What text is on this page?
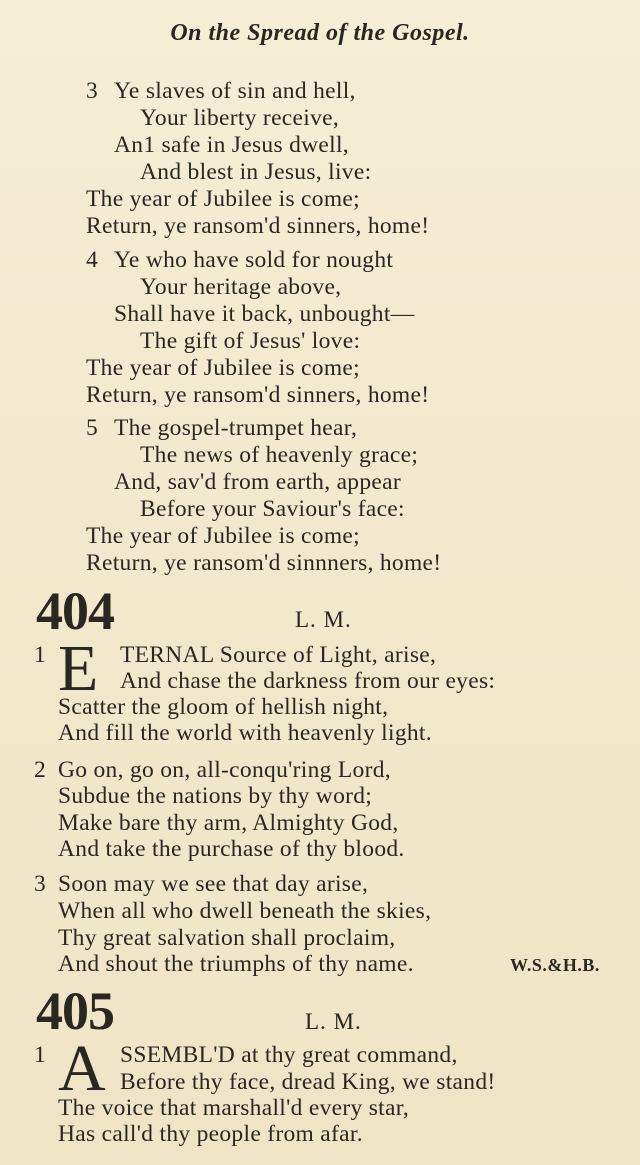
On the Spread of the Gospel.
3 Ye slaves of sin and hell,
Your liberty receive,
An1 safe in Jesus dwell,
And blest in Jesus, live:
The year of Jubilee is come;
Return, ye ransom'd sinners, home!
4 Ye who have sold for nought
Your heritage above,
Shall have it back, unbought—
The gift of Jesus' love:
The year of Jubilee is come;
Return, ye ransom'd sinners, home!
5 The gospel-trumpet hear,
The news of heavenly grace;
And, sav'd from earth, appear
Before your Saviour's face:
The year of Jubilee is come;
Return, ye ransom'd sinnners, home!
404	L. M.
1 E TERNAL Source of Light, arise,
And chase the darkness from our eyes:
Scatter the gloom of hellish night,
And fill the world with heavenly light.
2 Go on, go on, all-conqu'ring Lord,
Subdue the nations by thy word;
Make bare thy arm, Almighty God,
And take the purchase of thy blood.
3 Soon may we see that day arise,
When all who dwell beneath the skies,
Thy great salvation shall proclaim,
And shout the triumphs of thy name.	W.S.&H.B.
405	L. M.
1 A SSEMBL'D at thy great command,
Before thy face, dread King, we stand!
The voice that marshall'd every star,
Has call'd thy people from afar.
